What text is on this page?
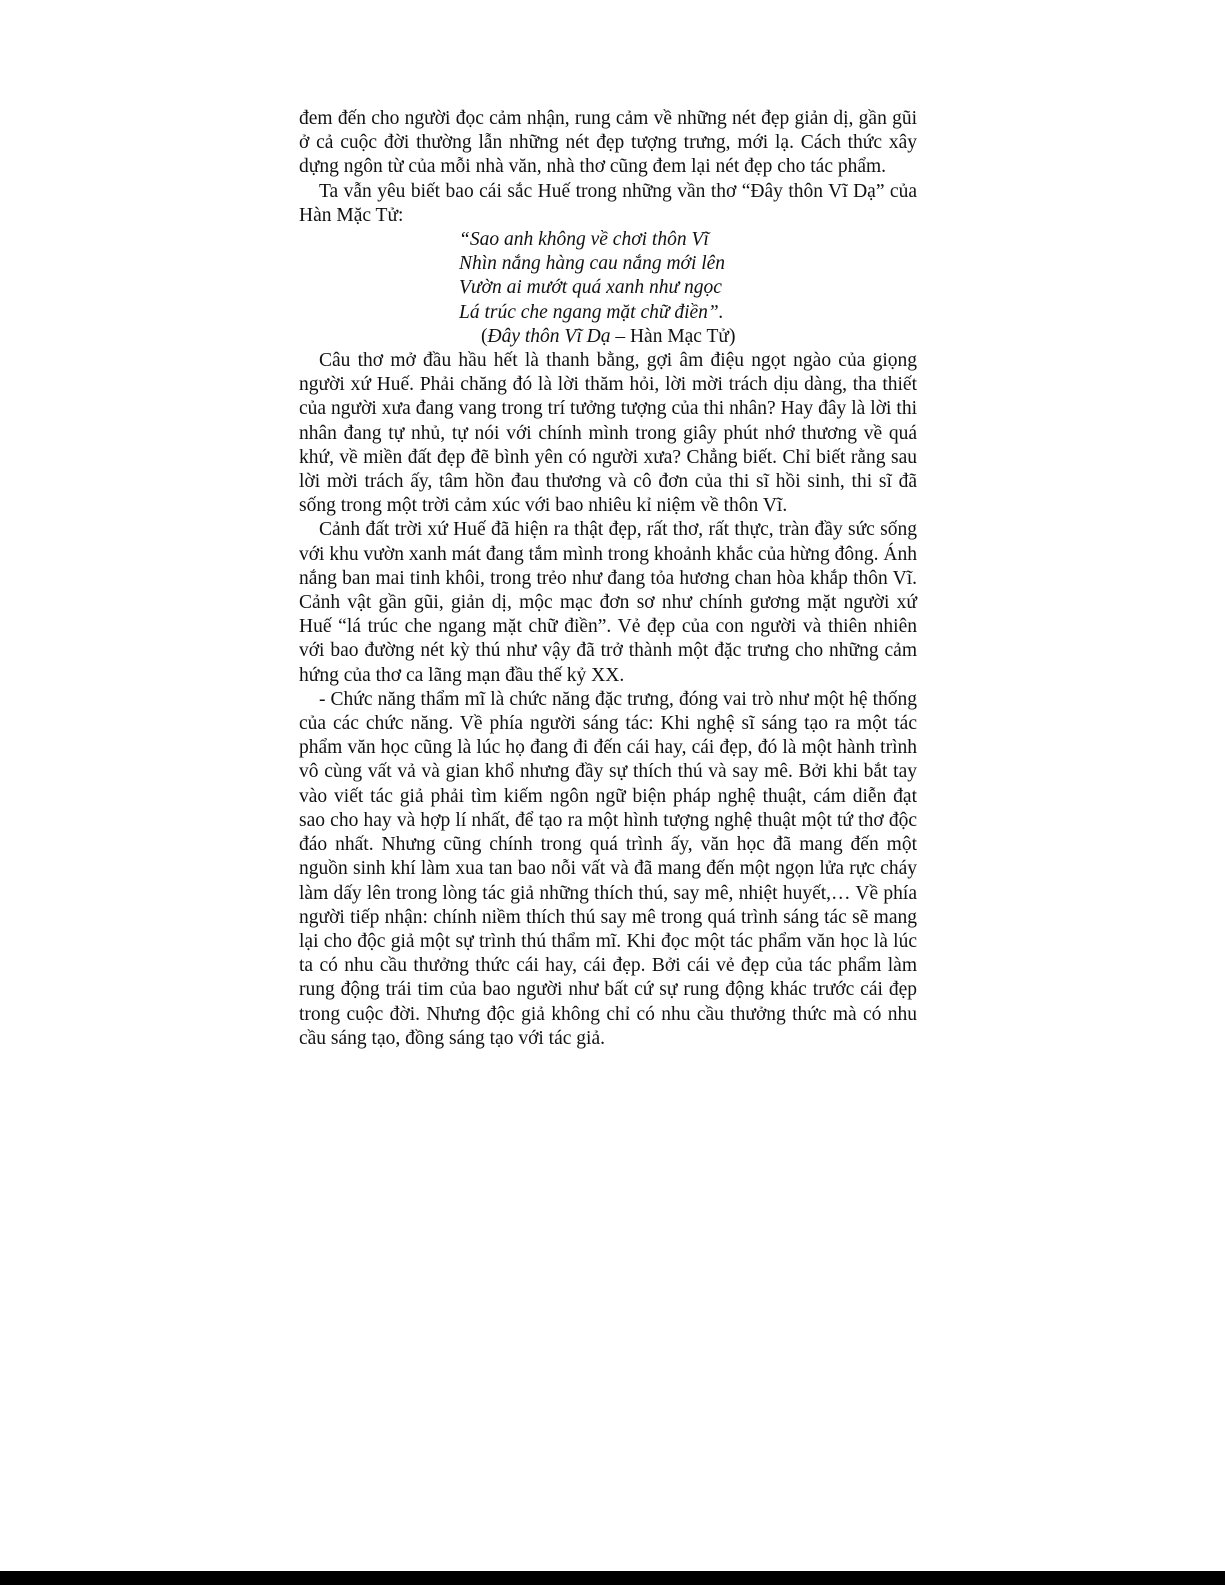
đem đến cho người đọc cảm nhận, rung cảm về những nét đẹp giản dị, gần gũi ở cả cuộc đời thường lẫn những nét đẹp tượng trưng, mới lạ. Cách thức xây dựng ngôn từ của mỗi nhà văn, nhà thơ cũng đem lại nét đẹp cho tác phẩm.

Ta vẫn yêu biết bao cái sắc Huế trong những vần thơ “Đây thôn Vĩ Dạ” của Hàn Mặc Tử:

“Sao anh không về chơi thôn Vĩ
Nhìn nắng hàng cau nắng mới lên
Vườn ai mướt quá xanh như ngọc
Lá trúc che ngang mặt chữ điền”.
(Đây thôn Vĩ Dạ – Hàn Mạc Tử)

Câu thơ mở đầu hầu hết là thanh bằng, gợi âm điệu ngọt ngào của giọng người xứ Huế. Phải chăng đó là lời thăm hỏi, lời mời trách dịu dàng, tha thiết của người xưa đang vang trong trí tưởng tượng của thi nhân? Hay đây là lời thi nhân đang tự nhủ, tự nói với chính mình trong giây phút nhớ thương về quá khứ, về miền đất đẹp đẽ bình yên có người xưa? Chẳng biết. Chỉ biết rằng sau lời mời trách ấy, tâm hồn đau thương và cô đơn của thi sĩ hồi sinh, thi sĩ đã sống trong một trời cảm xúc với bao nhiêu kỉ niệm về thôn Vĩ.

Cảnh đất trời xứ Huế đã hiện ra thật đẹp, rất thơ, rất thực, tràn đầy sức sống với khu vườn xanh mát đang tắm mình trong khoảnh khắc của hừng đông. Ánh nắng ban mai tinh khôi, trong trẻo như đang tỏa hương chan hòa khắp thôn Vĩ. Cảnh vật gần gũi, giản dị, mộc mạc đơn sơ như chính gương mặt người xứ Huế “lá trúc che ngang mặt chữ điền”. Vẻ đẹp của con người và thiên nhiên với bao đường nét kỳ thú như vậy đã trở thành một đặc trưng cho những cảm hứng của thơ ca lãng mạn đầu thế kỷ XX.

- Chức năng thẩm mĩ là chức năng đặc trưng, đóng vai trò như một hệ thống của các chức năng. Về phía người sáng tác: Khi nghệ sĩ sáng tạo ra một tác phẩm văn học cũng là lúc họ đang đi đến cái hay, cái đẹp, đó là một hành trình vô cùng vất vả và gian khổ nhưng đầy sự thích thú và say mê. Bởi khi bắt tay vào viết tác giả phải tìm kiếm ngôn ngữ biện pháp nghệ thuật, cám diễn đạt sao cho hay và hợp lí nhất, để tạo ra một hình tượng nghệ thuật một tứ thơ độc đáo nhất. Nhưng cũng chính trong quá trình ấy, văn học đã mang đến một nguồn sinh khí làm xua tan bao nỗi vất và đã mang đến một ngọn lửa rực cháy làm dấy lên trong lòng tác giả những thích thú, say mê, nhiệt huyết,… Về phía người tiếp nhận: chính niềm thích thú say mê trong quá trình sáng tác sẽ mang lại cho độc giả một sự trình thú thẩm mĩ. Khi đọc một tác phẩm văn học là lúc ta có nhu cầu thưởng thức cái hay, cái đẹp. Bởi cái vẻ đẹp của tác phẩm làm rung động trái tim của bao người như bất cứ sự rung động khác trước cái đẹp trong cuộc đời. Nhưng độc giả không chỉ có nhu cầu thưởng thức mà có nhu cầu sáng tạo, đồng sáng tạo với tác giả.
